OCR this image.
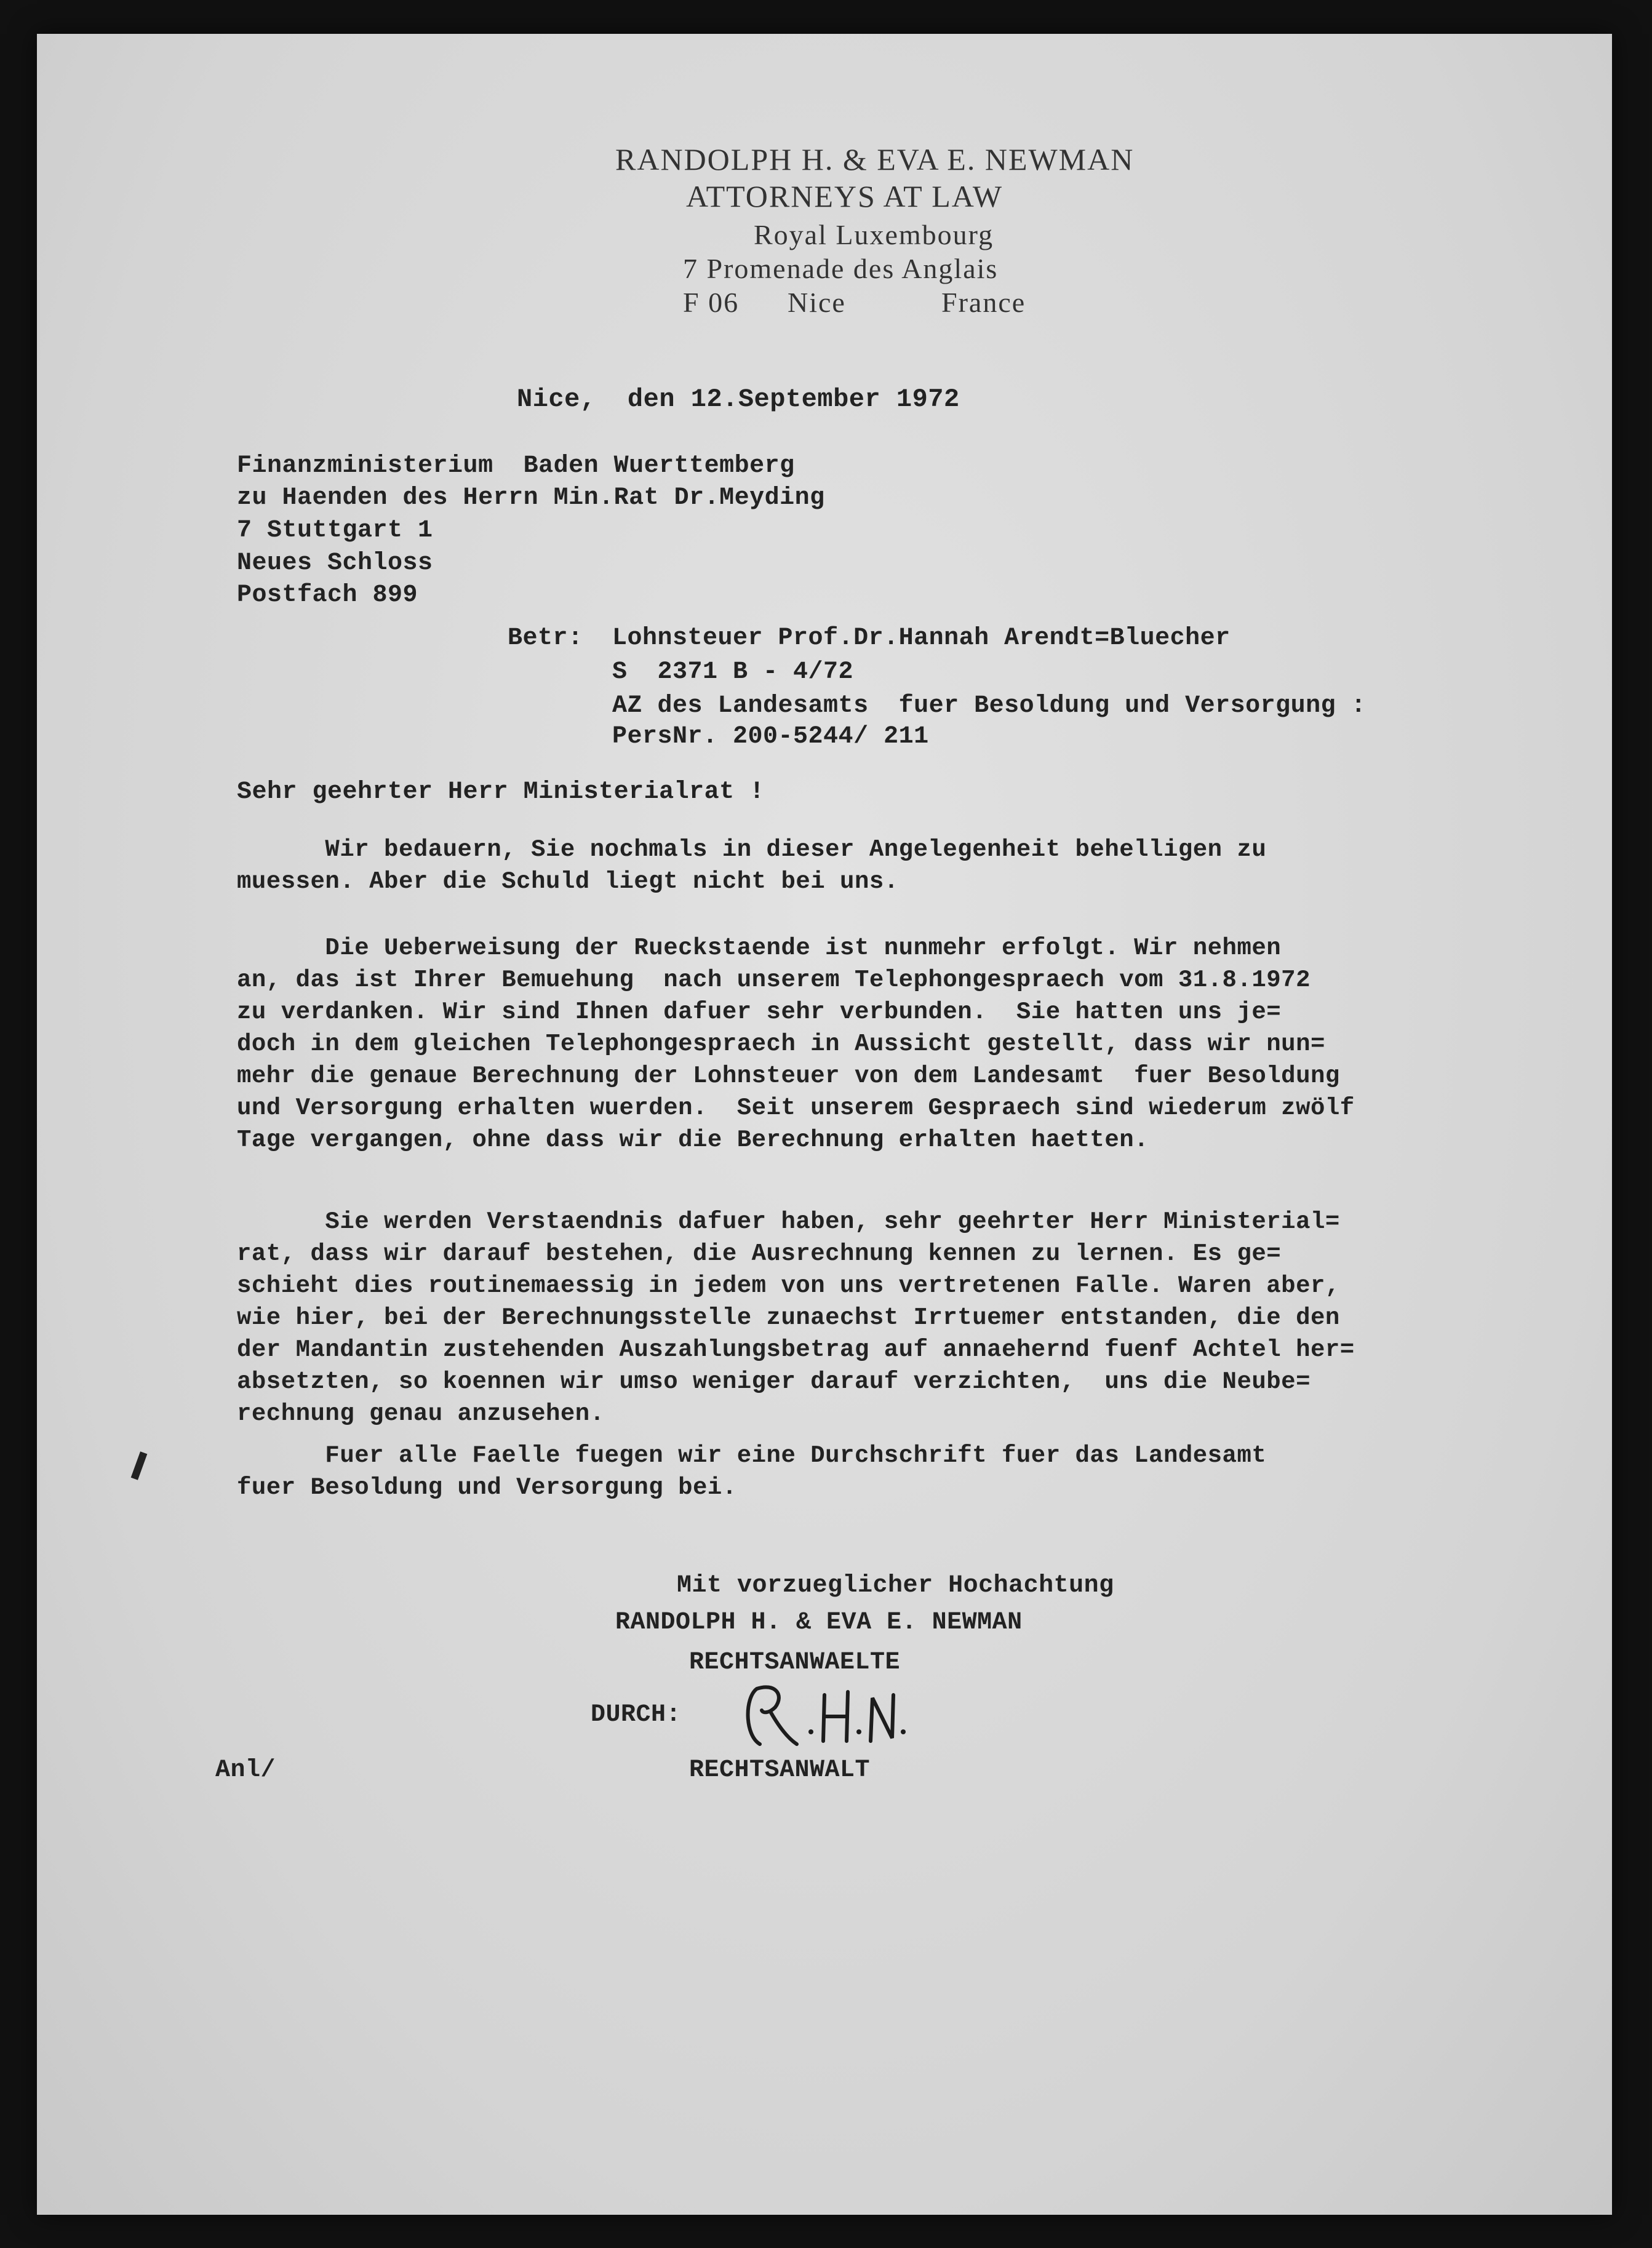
RANDOLPH H. & EVA E. NEWMAN
ATTORNEYS AT LAW
Royal Luxembourg
7 Promenade des Anglais
F 06 Nice	France
Nice,  den 12.September 1972
Finanzministerium  Baden Wuerttemberg
zu Haenden des Herrn Min.Rat Dr.Meyding
7 Stuttgart 1
Neues Schloss
Postfach 899
Betr: Lohnsteuer Prof.Dr.Hannah Arendt=Bluecher
S  2371 B - 4/72
AZ des Landesamts  fuer Besoldung und Versorgung :
PersNr. 200-5244/ 211
Sehr geehrter Herr Ministerialrat !
Wir bedauern, Sie nochmals in dieser Angelegenheit behelligen zu
muessen. Aber die Schuld liegt nicht bei uns.
Die Ueberweisung der Rueckstaende ist nunmehr erfolgt. Wir nehmen
an, das ist Ihrer Bemuehung  nach unserem Telephongespraech vom 31.8.1972
zu verdanken. Wir sind Ihnen dafuer sehr verbunden.  Sie hatten uns je=
doch in dem gleichen Telephongespraech in Aussicht gestellt, dass wir nun=
mehr die genaue Berechnung der Lohnsteuer von dem Landesamt  fuer Besoldung
und Versorgung erhalten wuerden.  Seit unserem Gespraech sind wiederum zwölf
Tage vergangen, ohne dass wir die Berechnung erhalten haetten.
Sie werden Verstaendnis dafuer haben, sehr geehrter Herr Ministerial=
rat, dass wir darauf bestehen, die Ausrechnung kennen zu lernen. Es ge=
schieht dies routinemaessig in jedem von uns vertretenen Falle. Waren aber,
wie hier, bei der Berechnungsstelle zunaechst Irrtuemer entstanden, die den
der Mandantin zustehenden Auszahlungsbetrag auf annaehernd fuenf Achtel her=
absetzten, so koennen wir umso weniger darauf verzichten,  uns die Neube=
rechnung genau anzusehen.
Fuer alle Faelle fuegen wir eine Durchschrift fuer das Landesamt
fuer Besoldung und Versorgung bei.
Mit vorzueglicher Hochachtung
RANDOLPH H. & EVA E. NEWMAN
RECHTSANWAELTE
DURCH:
RECHTSANWALT
Anl/
